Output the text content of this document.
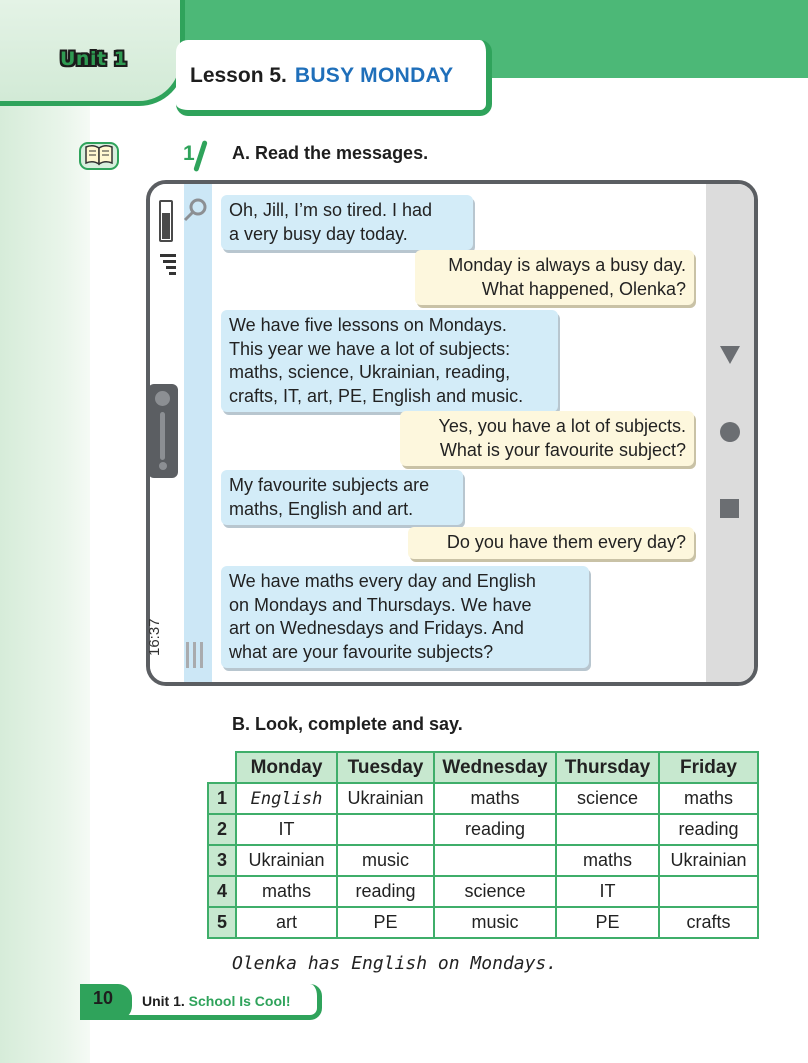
Unit 1
Lesson 5. BUSY MONDAY
1 A. Read the messages.
16:37
Oh, Jill, I’m so tired. I had
a very busy day today.
Monday is always a busy day.
What happened, Olenka?
We have five lessons on Mondays.
This year we have a lot of subjects:
maths, science, Ukrainian, reading,
crafts, IT, art, PE, English and music.
Yes, you have a lot of subjects.
What is your favourite subject?
My favourite subjects are
maths, English and art.
Do you have them every day?
We have maths every day and English
on Mondays and Thursdays. We have
art on Wednesdays and Fridays. And
what are your favourite subjects?
B. Look, complete and say.
	Monday	Tuesday	Wednesday	Thursday	Friday
1	English	Ukrainian	maths	science	maths
2	IT		reading		reading
3	Ukrainian	music		maths	Ukrainian
4	maths	reading	science	IT	
5	art	PE	music	PE	crafts
Olenka has English on Mondays.
10 Unit 1. School Is Cool!
